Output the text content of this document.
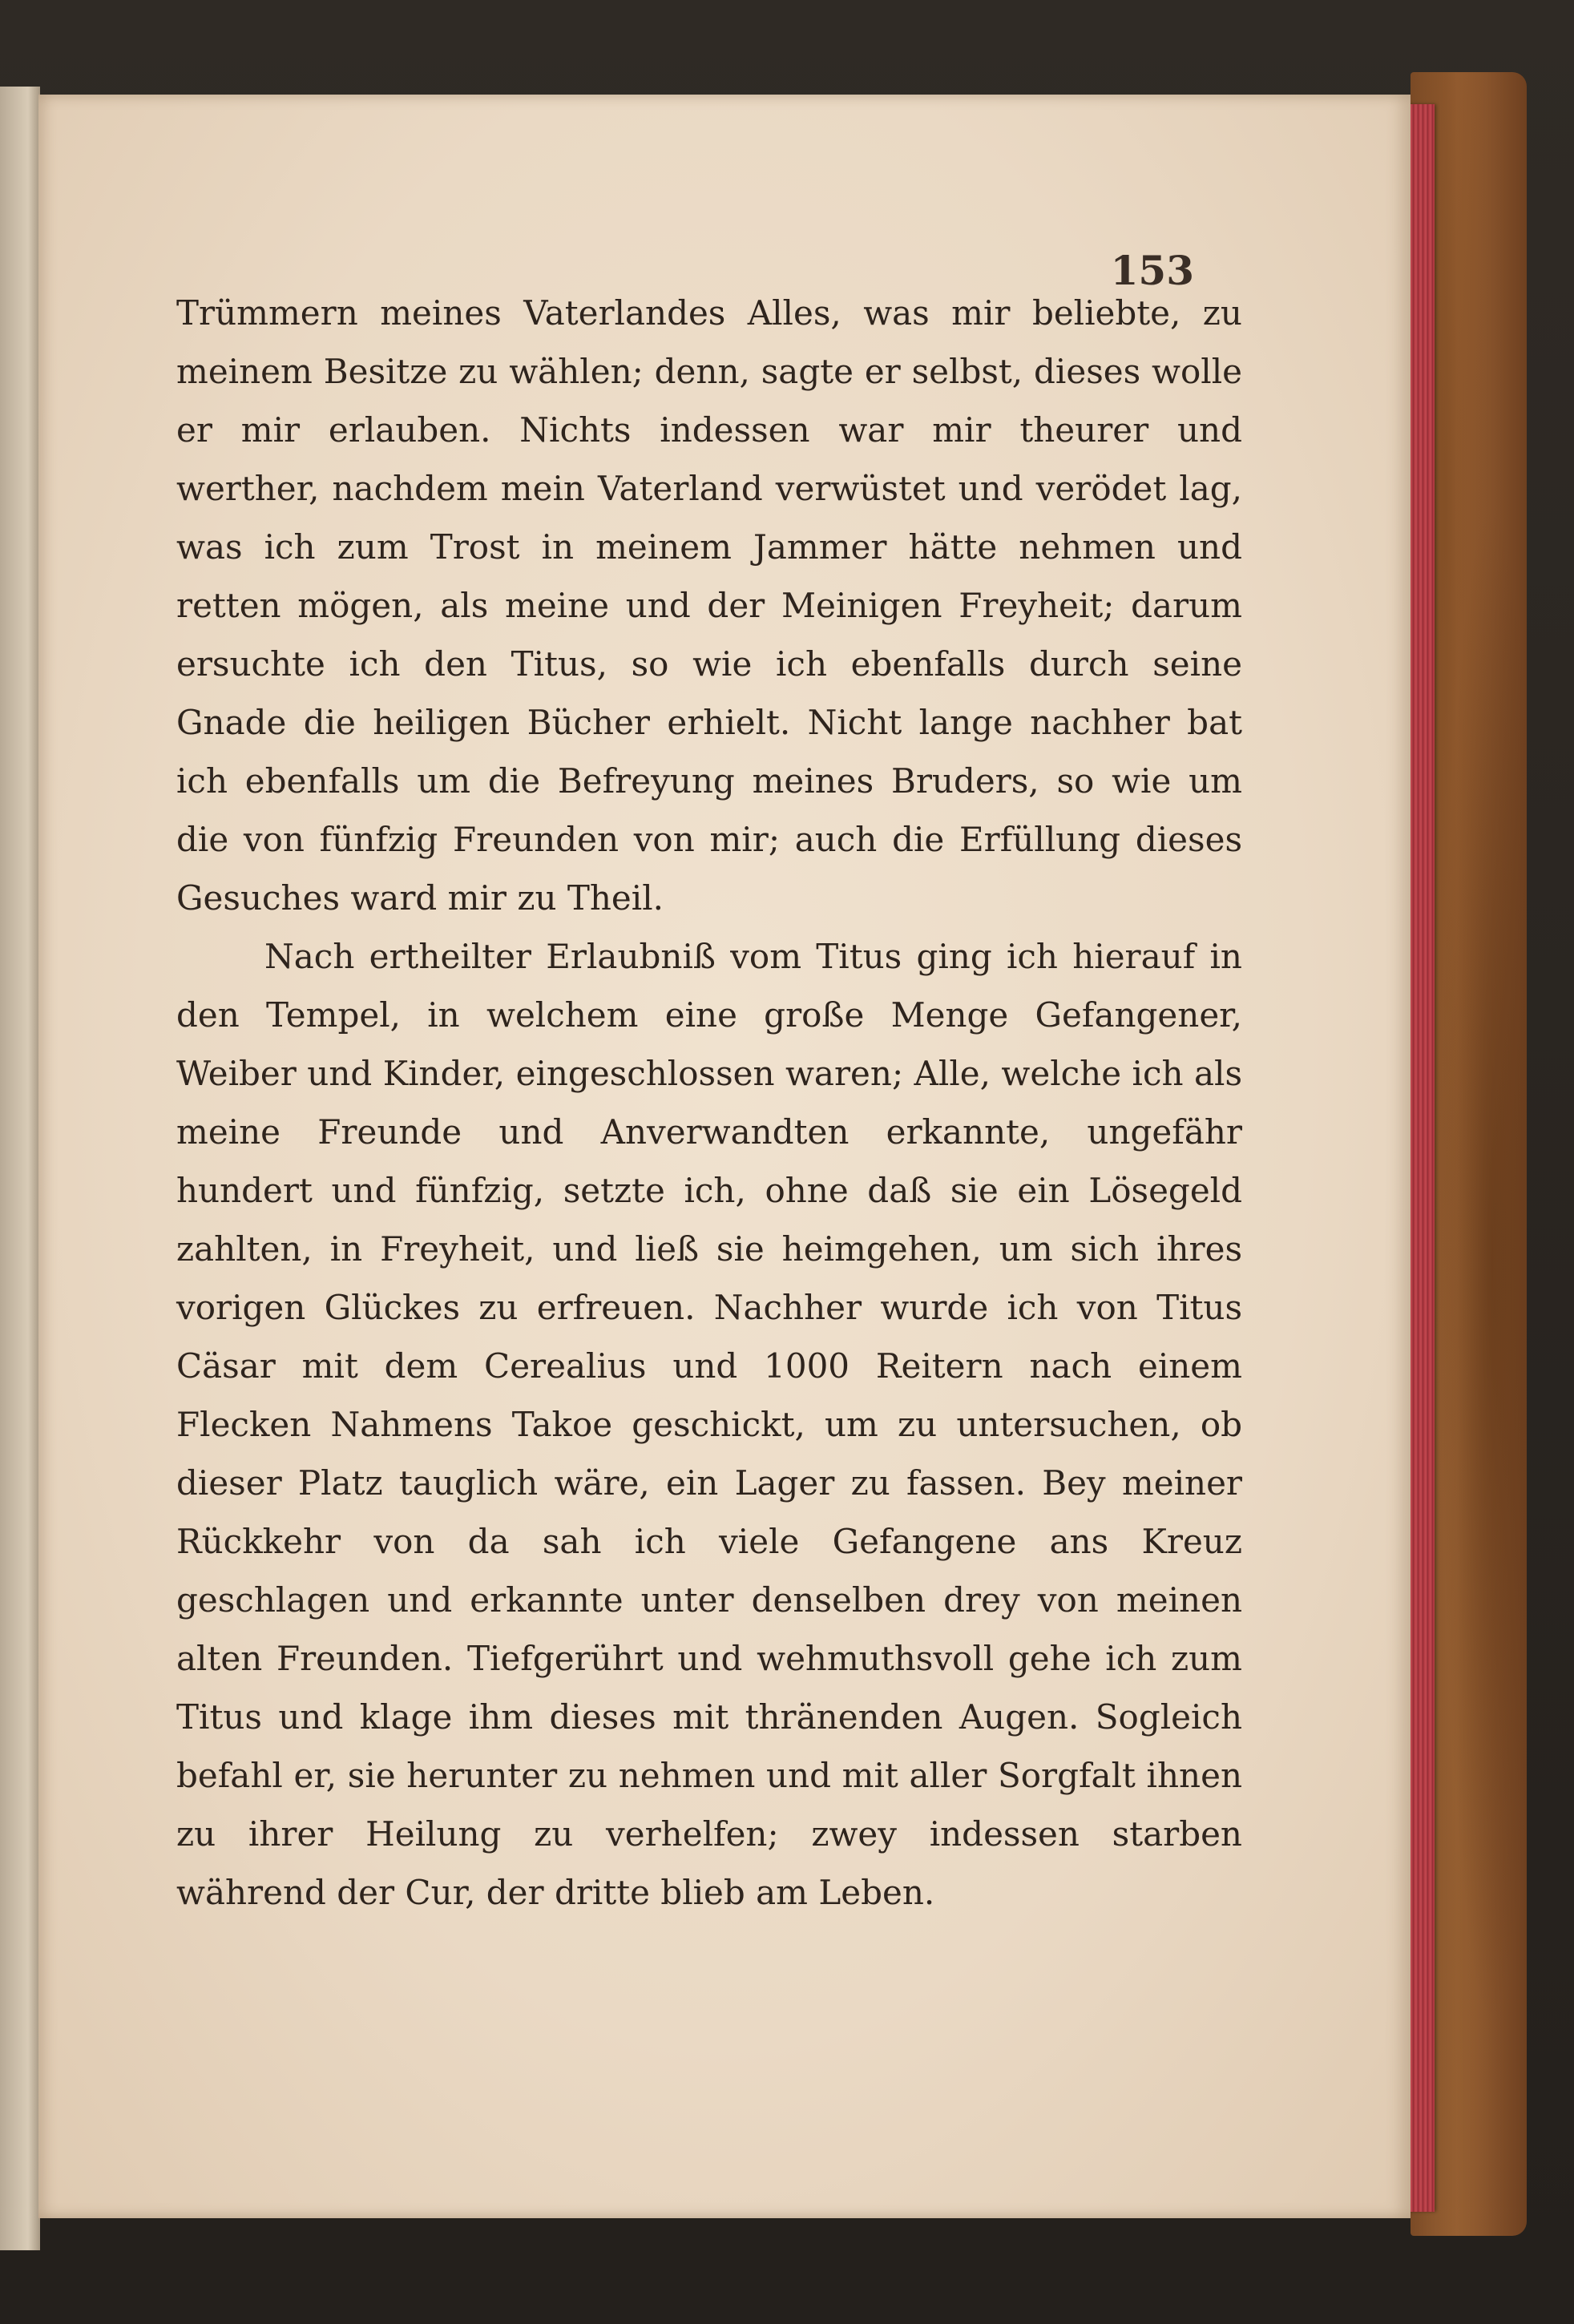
153

Trümmern meines Vaterlandes Alles, was mir beliebte, zu meinem Besitze zu wählen; denn, sagte er selbst, dieses wolle er mir erlauben. Nichts indessen war mir theurer und werther, nachdem mein Vaterland verwüstet und verödet lag, was ich zum Trost in meinem Jammer hätte nehmen und retten mögen, als meine und der Meinigen Freyheit; darum ersuchte ich den Titus, so wie ich ebenfalls durch seine Gnade die heiligen Bücher erhielt. Nicht lange nachher bat ich ebenfalls um die Befreyung meines Bruders, so wie um die von fünfzig Freunden von mir; auch die Erfüllung dieses Gesuches ward mir zu Theil.

Nach ertheilter Erlaubniß vom Titus ging ich hierauf in den Tempel, in welchem eine große Menge Gefangener, Weiber und Kinder, eingeschlossen waren; Alle, welche ich als meine Freunde und Anverwandten erkannte, ungefähr hundert und fünfzig, setzte ich, ohne daß sie ein Lösegeld zahlten, in Freyheit, und ließ sie heimgehen, um sich ihres vorigen Glückes zu erfreuen. Nachher wurde ich von Titus Cäsar mit dem Cerealius und 1000 Reitern nach einem Flecken Nahmens Takoe geschickt, um zu untersuchen, ob dieser Platz tauglich wäre, ein Lager zu fassen. Bey meiner Rückkehr von da sah ich viele Gefangene ans Kreuz geschlagen und erkannte unter denselben drey von meinen alten Freunden. Tiefgerührt und wehmuthsvoll gehe ich zum Titus und klage ihm dieses mit thränenden Augen. Sogleich befahl er, sie herunter zu nehmen und mit aller Sorgfalt ihnen zu ihrer Heilung zu verhelfen; zwey indessen starben während der Cur, der dritte blieb am Leben.
